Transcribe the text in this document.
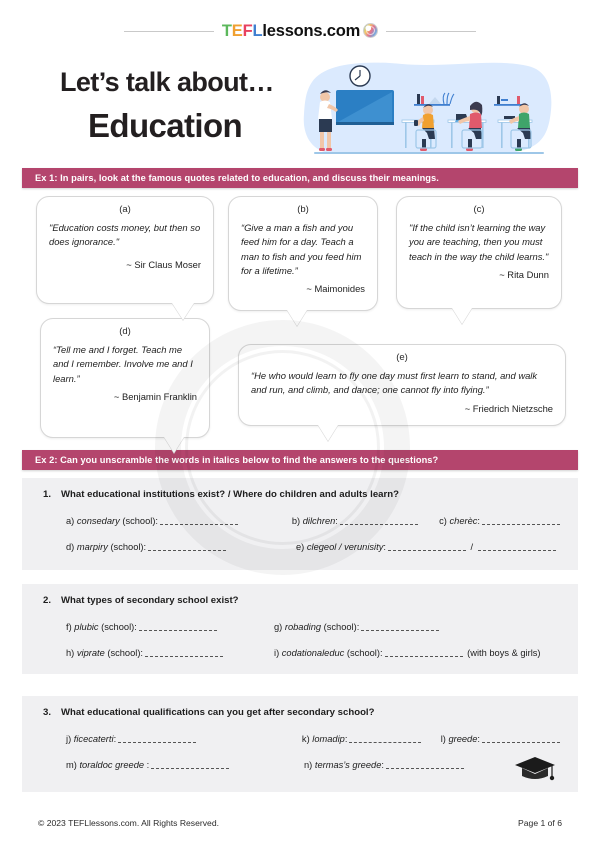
TEFLlessons.com
Let’s talk about…
Education
Ex 1: In pairs, look at the famous quotes related to education, and discuss their meanings.
(a)
"Education costs money, but then so does ignorance."
~ Sir Claus Moser
(b)
“Give a man a fish and you feed him for a day. Teach a man to fish and you feed him for a lifetime.”
~ Maimonides
(c)
"If the child isn’t learning the way you are teaching, then you must teach in the way the child learns."
~ Rita Dunn
(d)
“Tell me and I forget. Teach me and I remember. Involve me and I learn.”
~ Benjamin Franklin
(e)
“He who would learn to fly one day must first learn to stand, and walk and run, and climb, and dance; one cannot fly into flying.”
~ Friedrich Nietzsche
Ex 2: Can you unscramble the words in italics below to find the answers to the questions?
1. What educational institutions exist? / Where do children and adults learn?
a) consedary (school):	b) dilchren:	c) cherèc:
d) marpiry (school):	e) clegeol / verunisity:	/
2. What types of secondary school exist?
f) plubic (school):	g) robading (school):
h) viprate (school):	i) codationaleduc (school):	(with boys & girls)
3. What educational qualifications can you get after secondary school?
j) ficecaterti:	k) lomadip:	l) greede:
m) toraldoc greede :	n) termas’s greede:
© 2023 TEFLlessons.com. All Rights Reserved.	Page 1 of 6
